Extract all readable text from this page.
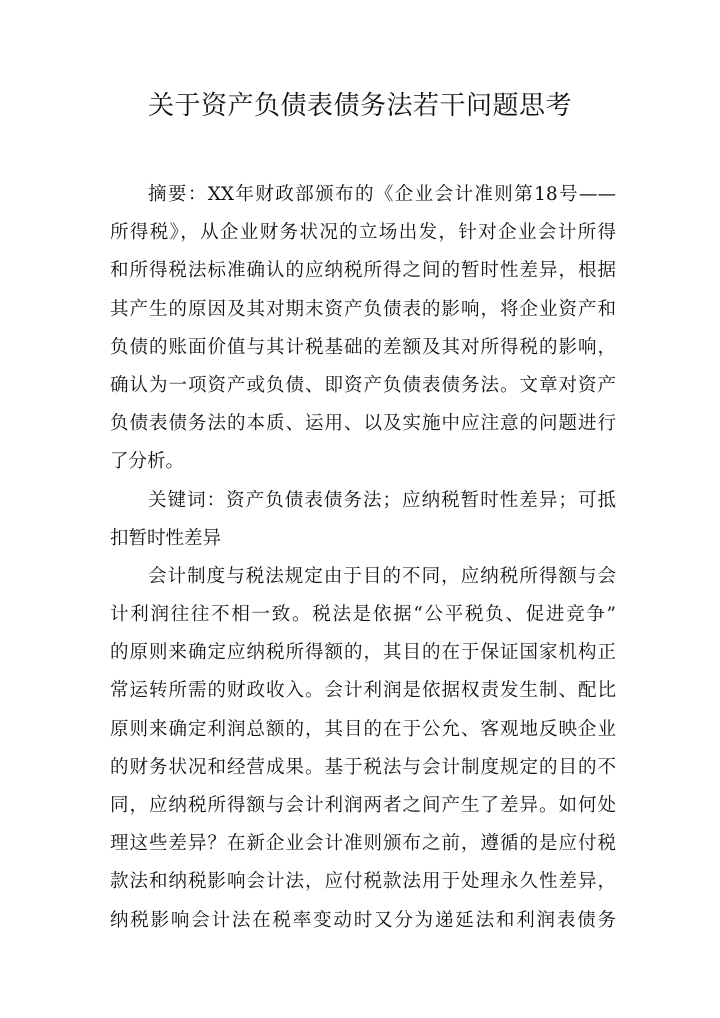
关于资产负债表债务法若干问题思考

摘要：XX年财政部颁布的《企业会计准则第18号——
所得税》，从企业财务状况的立场出发，针对企业会计所得
和所得税法标准确认的应纳税所得之间的暂时性差异，根据
其产生的原因及其对期末资产负债表的影响，将企业资产和
负债的账面价值与其计税基础的差额及其对所得税的影响，
确认为一项资产或负债、即资产负债表债务法。文章对资产
负债表债务法的本质、运用、以及实施中应注意的问题进行
了分析。

关键词：资产负债表债务法；应纳税暂时性差异；可抵
扣暂时性差异

会计制度与税法规定由于目的不同，应纳税所得额与会
计利润往往不相一致。税法是依据“公平税负、促进竞争”
的原则来确定应纳税所得额的，其目的在于保证国家机构正
常运转所需的财政收入。会计利润是依据权责发生制、配比
原则来确定利润总额的，其目的在于公允、客观地反映企业
的财务状况和经营成果。基于税法与会计制度规定的目的不
同，应纳税所得额与会计利润两者之间产生了差异。如何处
理这些差异？在新企业会计准则颁布之前，遵循的是应付税
款法和纳税影响会计法，应付税款法用于处理永久性差异，
纳税影响会计法在税率变动时又分为递延法和利润表债务
